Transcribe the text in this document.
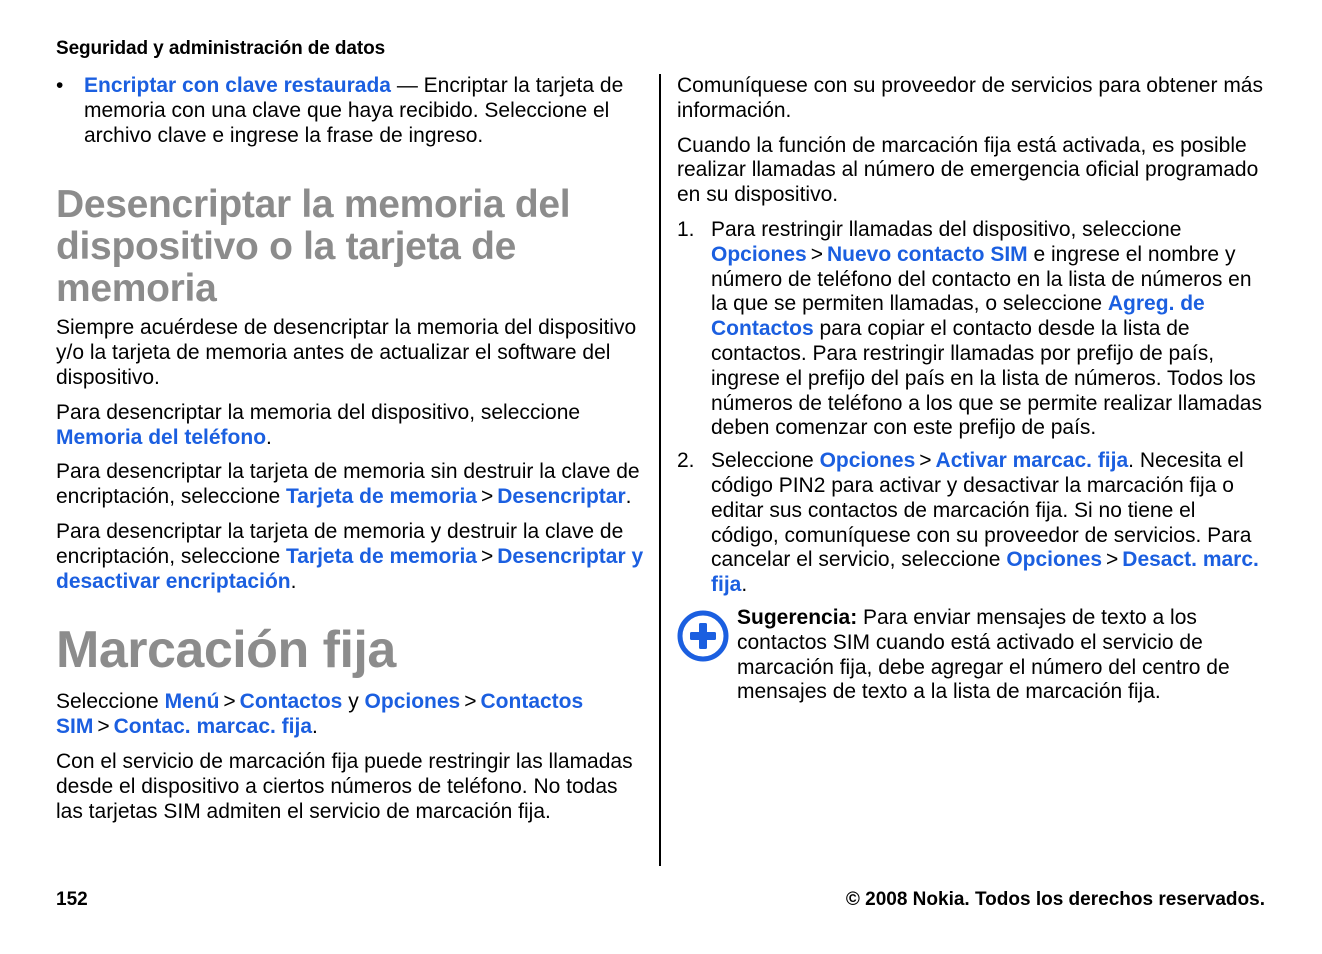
Seguridad y administración de datos
• Encriptar con clave restaurada — Encriptar la tarjeta de memoria con una clave que haya recibido. Seleccione el archivo clave e ingrese la frase de ingreso.
Desencriptar la memoria del dispositivo o la tarjeta de memoria

Siempre acuérdese de desencriptar la memoria del dispositivo y/o la tarjeta de memoria antes de actualizar el software del dispositivo.

Para desencriptar la memoria del dispositivo, seleccione Memoria del teléfono.

Para desencriptar la tarjeta de memoria sin destruir la clave de encriptación, seleccione Tarjeta de memoria > Desencriptar.

Para desencriptar la tarjeta de memoria y destruir la clave de encriptación, seleccione Tarjeta de memoria > Desencriptar y desactivar encriptación.

Marcación fija

Seleccione Menú > Contactos y Opciones > Contactos SIM > Contac. marcac. fija.

Con el servicio de marcación fija puede restringir las llamadas desde el dispositivo a ciertos números de teléfono. No todas las tarjetas SIM admiten el servicio de marcación fija.

Comuníquese con su proveedor de servicios para obtener más información.

Cuando la función de marcación fija está activada, es posible realizar llamadas al número de emergencia oficial programado en su dispositivo.

1. Para restringir llamadas del dispositivo, seleccione Opciones > Nuevo contacto SIM e ingrese el nombre y número de teléfono del contacto en la lista de números en la que se permiten llamadas, o seleccione Agreg. de Contactos para copiar el contacto desde la lista de contactos. Para restringir llamadas por prefijo de país, ingrese el prefijo del país en la lista de números. Todos los números de teléfono a los que se permite realizar llamadas deben comenzar con este prefijo de país.
2. Seleccione Opciones > Activar marcac. fija. Necesita el código PIN2 para activar y desactivar la marcación fija o editar sus contactos de marcación fija. Si no tiene el código, comuníquese con su proveedor de servicios. Para cancelar el servicio, seleccione Opciones > Desact. marc. fija.
Sugerencia: Para enviar mensajes de texto a los contactos SIM cuando está activado el servicio de marcación fija, debe agregar el número del centro de mensajes de texto a la lista de marcación fija.
152	© 2008 Nokia. Todos los derechos reservados.
